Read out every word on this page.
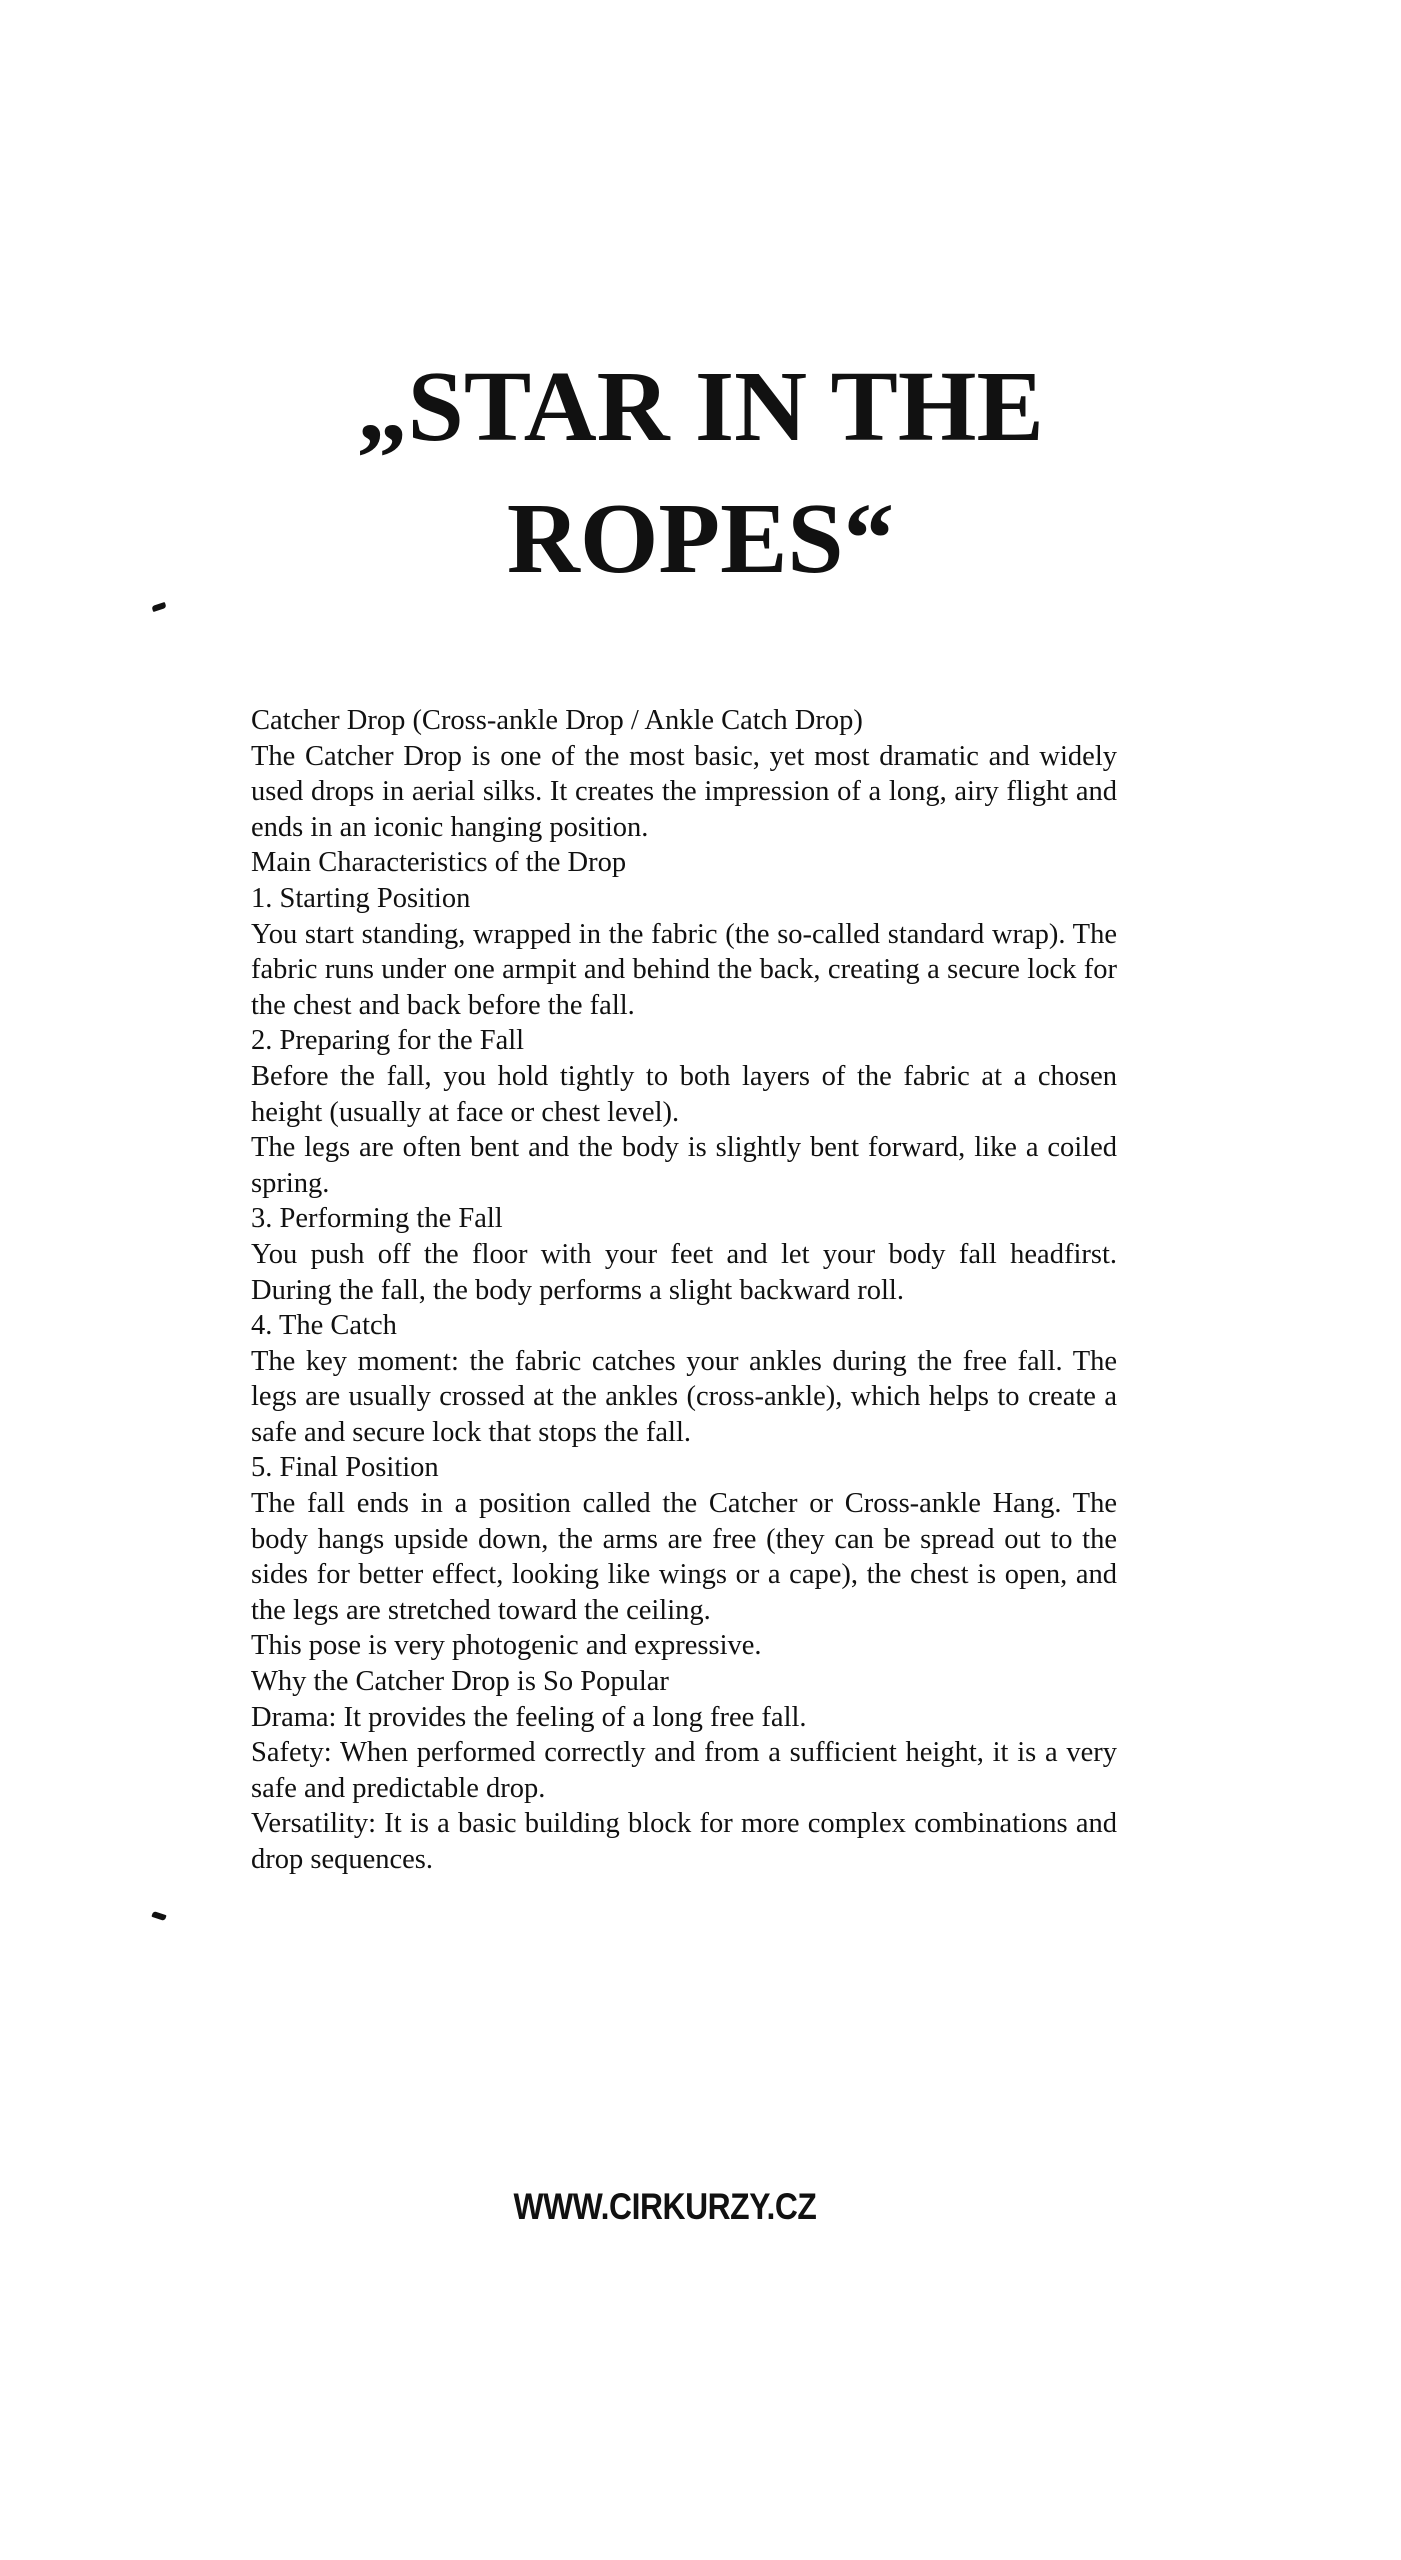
„STAR IN THE
ROPES“

Catcher Drop (Cross-ankle Drop / Ankle Catch Drop)

The Catcher Drop is one of the most basic, yet most dramatic and widely used drops in aerial silks. It creates the impression of a long, airy flight and ends in an iconic hanging position.

Main Characteristics of the Drop

1. Starting Position

You start standing, wrapped in the fabric (the so-called standard wrap). The fabric runs under one armpit and behind the back, creating a secure lock for the chest and back before the fall.

2. Preparing for the Fall

Before the fall, you hold tightly to both layers of the fabric at a chosen height (usually at face or chest level).

The legs are often bent and the body is slightly bent forward, like a coiled spring.

3. Performing the Fall

You push off the floor with your feet and let your body fall headfirst. During the fall, the body performs a slight backward roll.

4. The Catch

The key moment: the fabric catches your ankles during the free fall. The legs are usually crossed at the ankles (cross-ankle), which helps to create a safe and secure lock that stops the fall.

5. Final Position

The fall ends in a position called the Catcher or Cross-ankle Hang. The body hangs upside down, the arms are free (they can be spread out to the sides for better effect, looking like wings or a cape), the chest is open, and the legs are stretched toward the ceiling.

This pose is very photogenic and expressive.

Why the Catcher Drop is So Popular

Drama: It provides the feeling of a long free fall.

Safety: When performed correctly and from a sufficient height, it is a very safe and predictable drop.

Versatility: It is a basic building block for more complex combinations and drop sequences.

WWW.CIRKURZY.CZ
